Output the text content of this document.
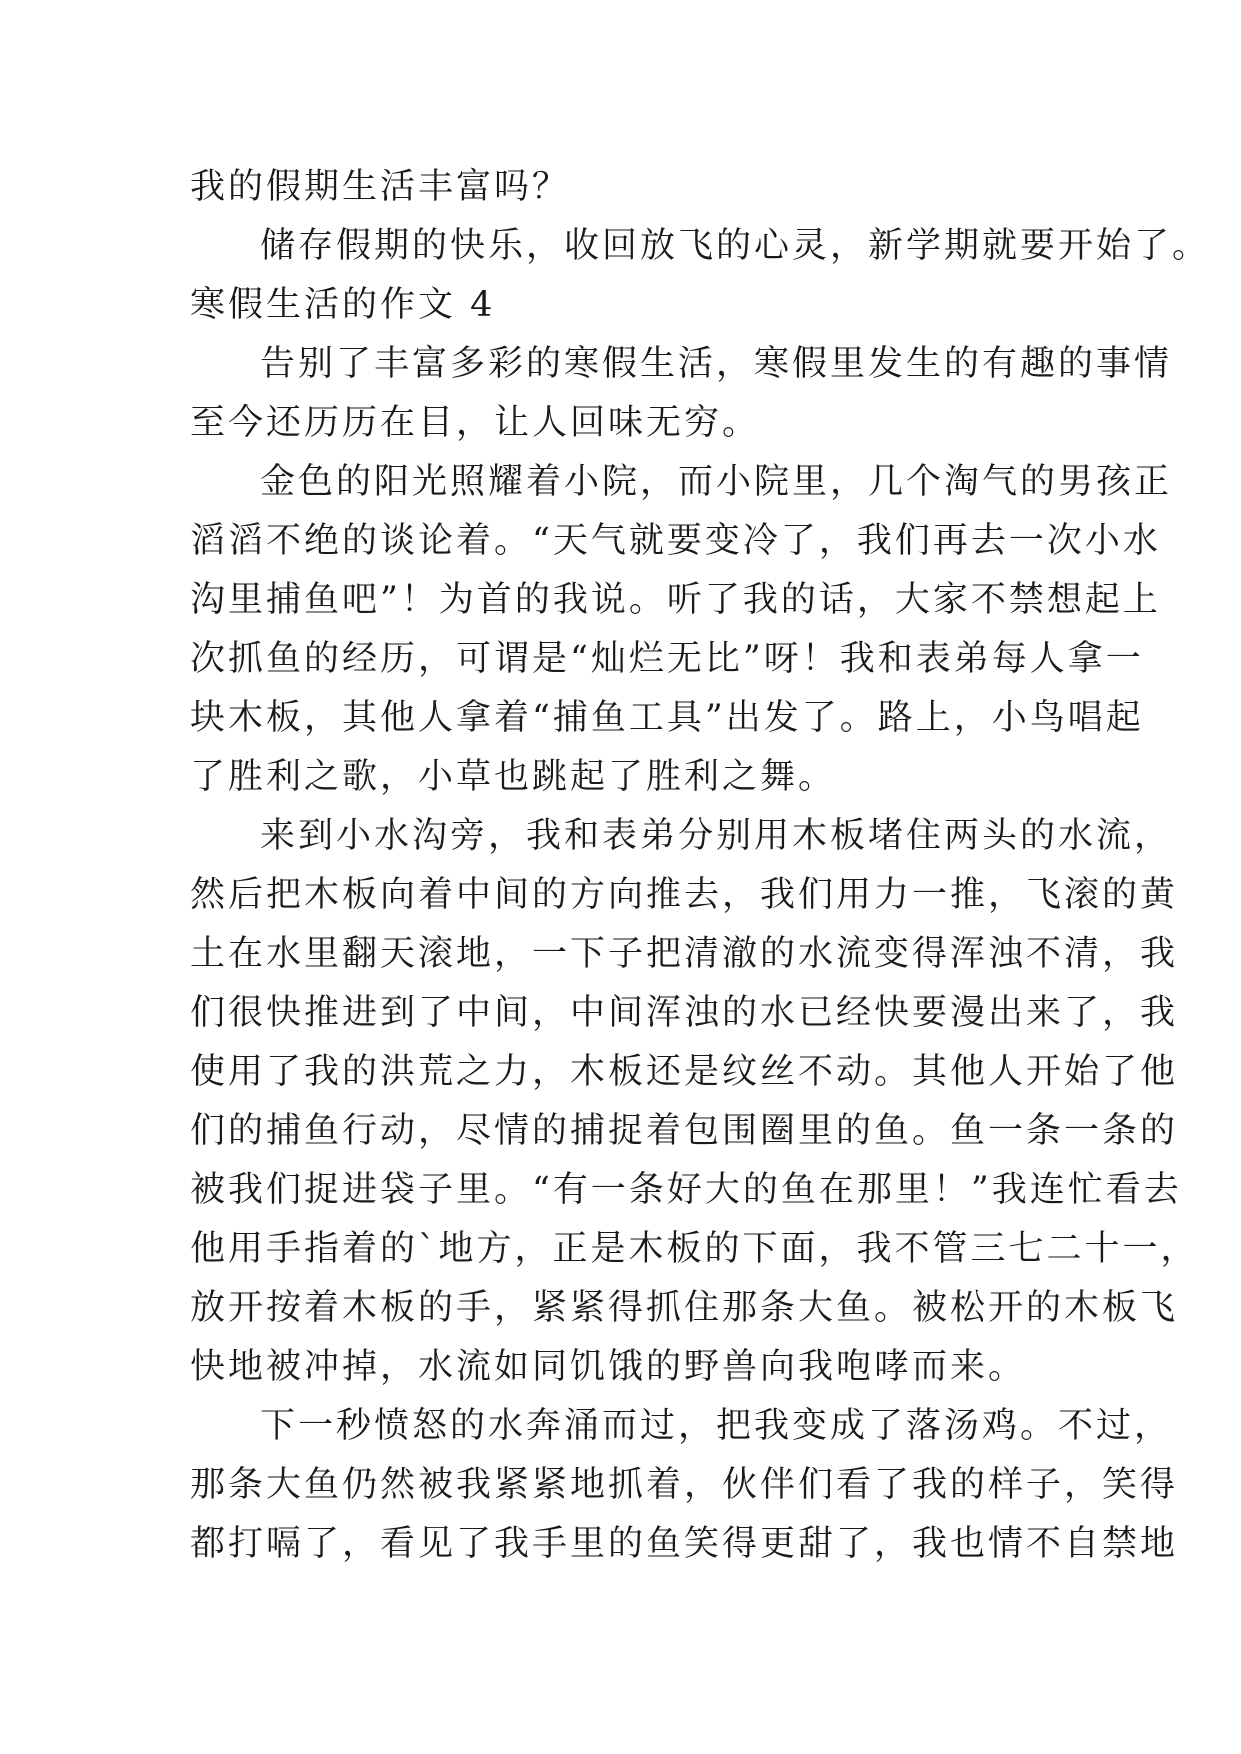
我的假期生活丰富吗？
储存假期的快乐，收回放飞的心灵，新学期就要开始了。
寒假生活的作文 4
告别了丰富多彩的寒假生活，寒假里发生的有趣的事情
至今还历历在目，让人回味无穷。
金色的阳光照耀着小院，而小院里，几个淘气的男孩正
滔滔不绝的谈论着。“天气就要变冷了，我们再去一次小水
沟里捕鱼吧”！为首的我说。听了我的话，大家不禁想起上
次抓鱼的经历，可谓是“灿烂无比”呀！我和表弟每人拿一
块木板，其他人拿着“捕鱼工具”出发了。路上，小鸟唱起
了胜利之歌，小草也跳起了胜利之舞。
来到小水沟旁，我和表弟分别用木板堵住两头的水流，
然后把木板向着中间的方向推去，我们用力一推，飞滚的黄
土在水里翻天滚地，一下子把清澈的水流变得浑浊不清，我
们很快推进到了中间，中间浑浊的水已经快要漫出来了，我
使用了我的洪荒之力，木板还是纹丝不动。其他人开始了他
们的捕鱼行动，尽情的捕捉着包围圈里的鱼。鱼一条一条的
被我们捉进袋子里。“有一条好大的鱼在那里！”我连忙看去
他用手指着的`地方，正是木板的下面，我不管三七二十一，
放开按着木板的手，紧紧得抓住那条大鱼。被松开的木板飞
快地被冲掉，水流如同饥饿的野兽向我咆哮而来。
下一秒愤怒的水奔涌而过，把我变成了落汤鸡。不过，
那条大鱼仍然被我紧紧地抓着，伙伴们看了我的样子，笑得
都打嗝了，看见了我手里的鱼笑得更甜了，我也情不自禁地
